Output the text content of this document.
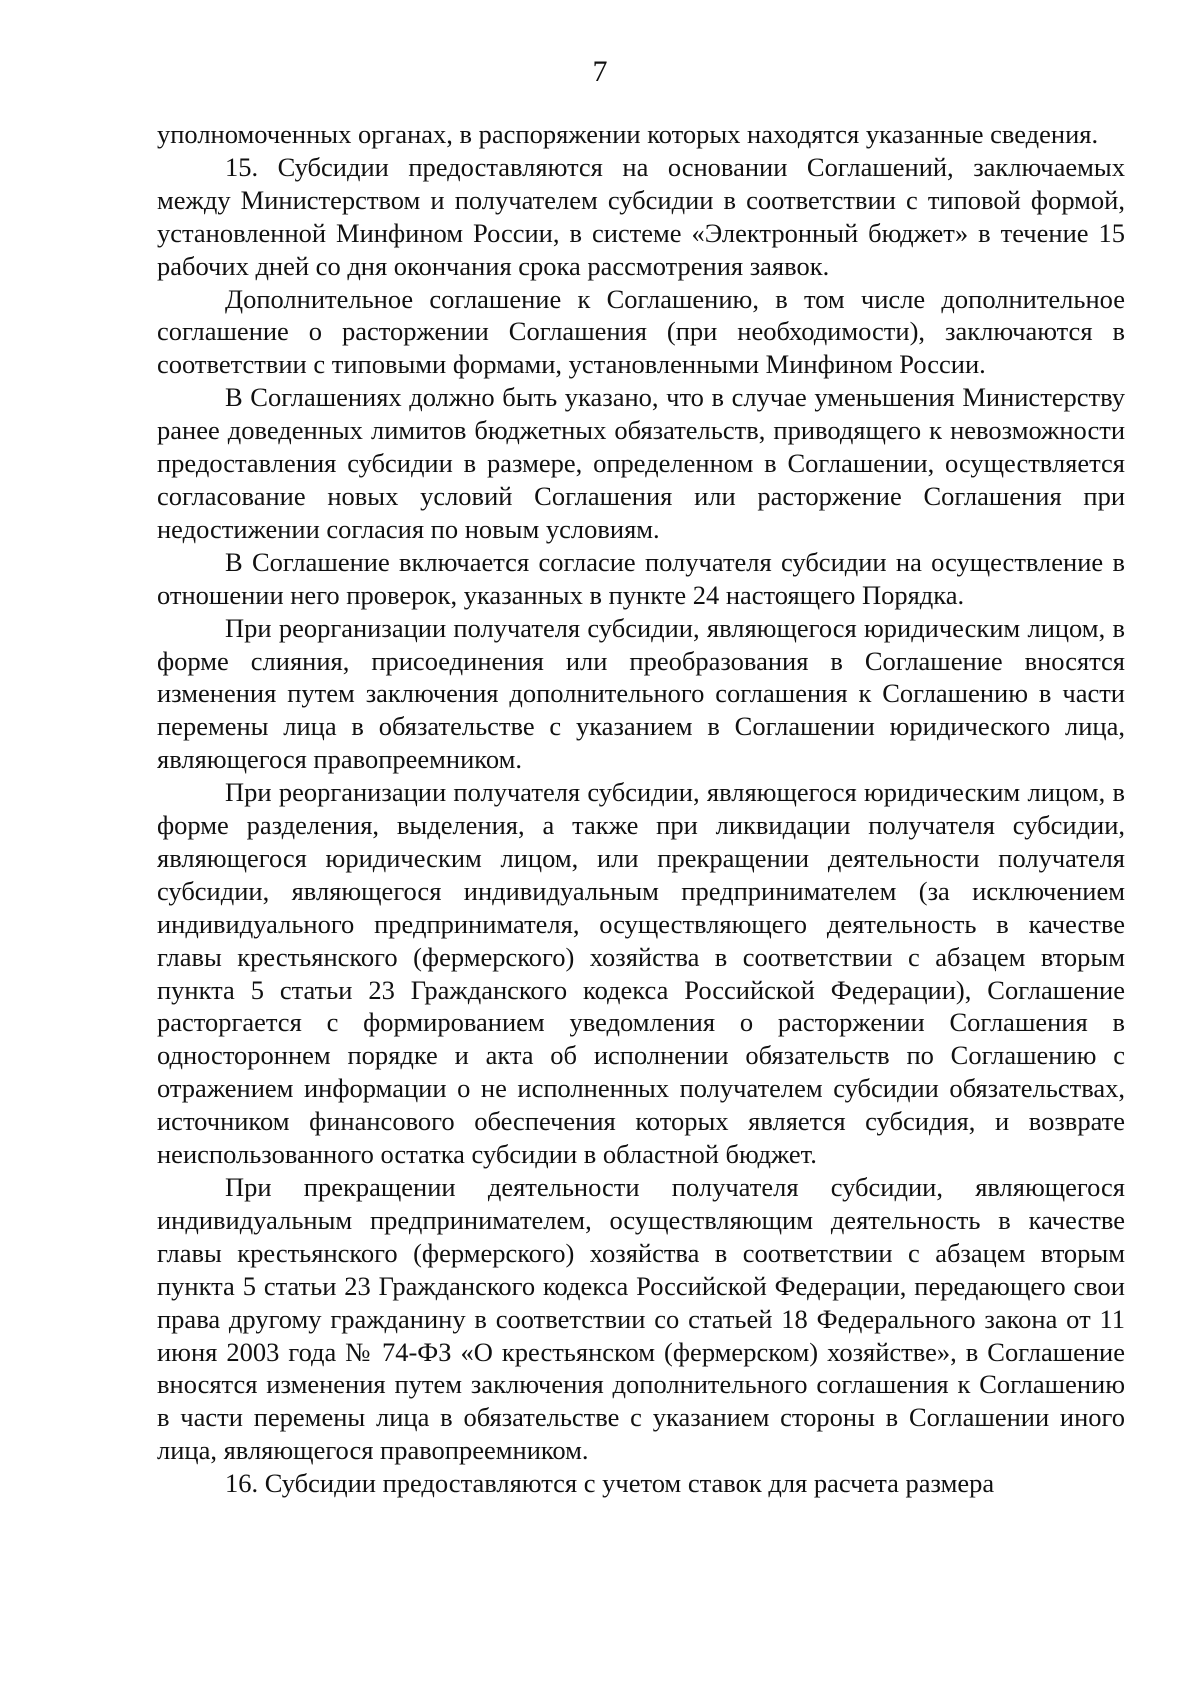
7

уполномоченных органах, в распоряжении которых находятся указанные сведения.

15. Субсидии предоставляются на основании Соглашений, заключаемых между Министерством и получателем субсидии в соответствии с типовой формой, установленной Минфином России, в системе «Электронный бюджет» в течение 15 рабочих дней со дня окончания срока рассмотрения заявок.

Дополнительное соглашение к Соглашению, в том числе дополнительное соглашение о расторжении Соглашения (при необходимости), заключаются в соответствии с типовыми формами, установленными Минфином России.

В Соглашениях должно быть указано, что в случае уменьшения Министерству ранее доведенных лимитов бюджетных обязательств, приводящего к невозможности предоставления субсидии в размере, определенном в Соглашении, осуществляется согласование новых условий Соглашения или расторжение Соглашения при недостижении согласия по новым условиям.

В Соглашение включается согласие получателя субсидии на осуществление в отношении него проверок, указанных в пункте 24 настоящего Порядка.

При реорганизации получателя субсидии, являющегося юридическим лицом, в форме слияния, присоединения или преобразования в Соглашение вносятся изменения путем заключения дополнительного соглашения к Соглашению в части перемены лица в обязательстве с указанием в Соглашении юридического лица, являющегося правопреемником.

При реорганизации получателя субсидии, являющегося юридическим лицом, в форме разделения, выделения, а также при ликвидации получателя субсидии, являющегося юридическим лицом, или прекращении деятельности получателя субсидии, являющегося индивидуальным предпринимателем (за исключением индивидуального предпринимателя, осуществляющего деятельность в качестве главы крестьянского (фермерского) хозяйства в соответствии с абзацем вторым пункта 5 статьи 23 Гражданского кодекса Российской Федерации), Соглашение расторгается с формированием уведомления о расторжении Соглашения в одностороннем порядке и акта об исполнении обязательств по Соглашению с отражением информации о не исполненных получателем субсидии обязательствах, источником финансового обеспечения которых является субсидия, и возврате неиспользованного остатка субсидии в областной бюджет.

При прекращении деятельности получателя субсидии, являющегося индивидуальным предпринимателем, осуществляющим деятельность в качестве главы крестьянского (фермерского) хозяйства в соответствии с абзацем вторым пункта 5 статьи 23 Гражданского кодекса Российской Федерации, передающего свои права другому гражданину в соответствии со статьей 18 Федерального закона от 11 июня 2003 года № 74-ФЗ «О крестьянском (фермерском) хозяйстве», в Соглашение вносятся изменения путем заключения дополнительного соглашения к Соглашению в части перемены лица в обязательстве с указанием стороны в Соглашении иного лица, являющегося правопреемником.

16. Субсидии предоставляются с учетом ставок для расчета размера
